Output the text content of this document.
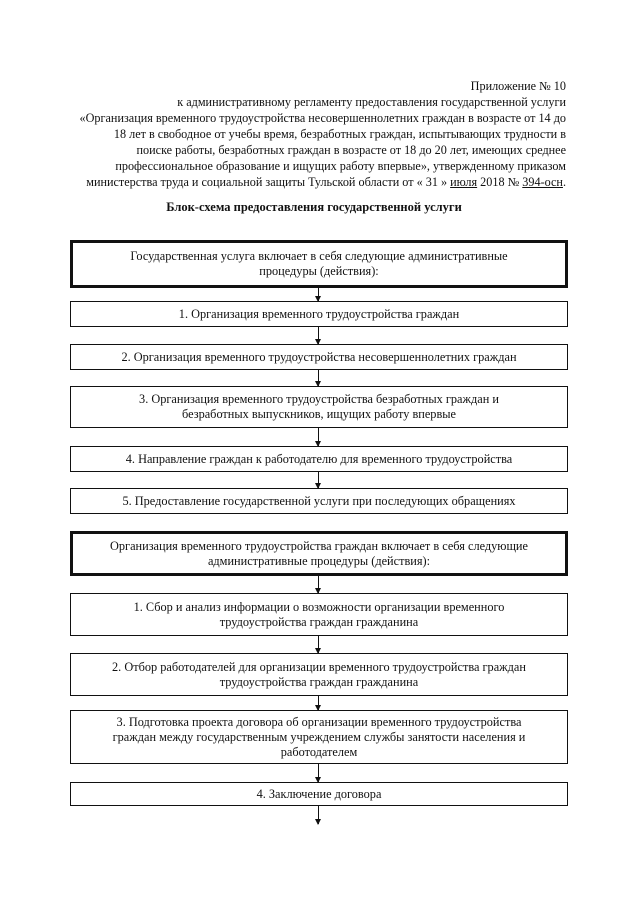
Приложение № 10
к административному регламенту предоставления государственной услуги
«Организация временного трудоустройства несовершеннолетних граждан в возрасте от 14 до
18 лет в свободное от учебы время, безработных граждан, испытывающих трудности в
поиске работы, безработных граждан в возрасте от 18 до 20 лет, имеющих среднее
профессиональное образование и ищущих работу впервые», утвержденному приказом
министерства труда и социальной защиты Тульской области от « 31 » июля 2018 № 394-осн.
Блок-схема предоставления государственной услуги
Государственная услуга включает в себя следующие административные
процедуры (действия):
1. Организация временного трудоустройства граждан
2. Организация временного трудоустройства несовершеннолетних граждан
3. Организация временного трудоустройства безработных граждан и
безработных выпускников, ищущих работу впервые
4. Направление граждан к работодателю для временного трудоустройства
5. Предоставление государственной услуги при последующих обращениях
Организация временного трудоустройства граждан включает в себя следующие
административные процедуры (действия):
1. Сбор и анализ информации о возможности организации временного
трудоустройства граждан гражданина
2. Отбор работодателей для организации временного трудоустройства граждан
трудоустройства граждан гражданина
3. Подготовка проекта договора об организации временного трудоустройства
граждан между государственным учреждением службы занятости населения и
работодателем
4. Заключение договора
